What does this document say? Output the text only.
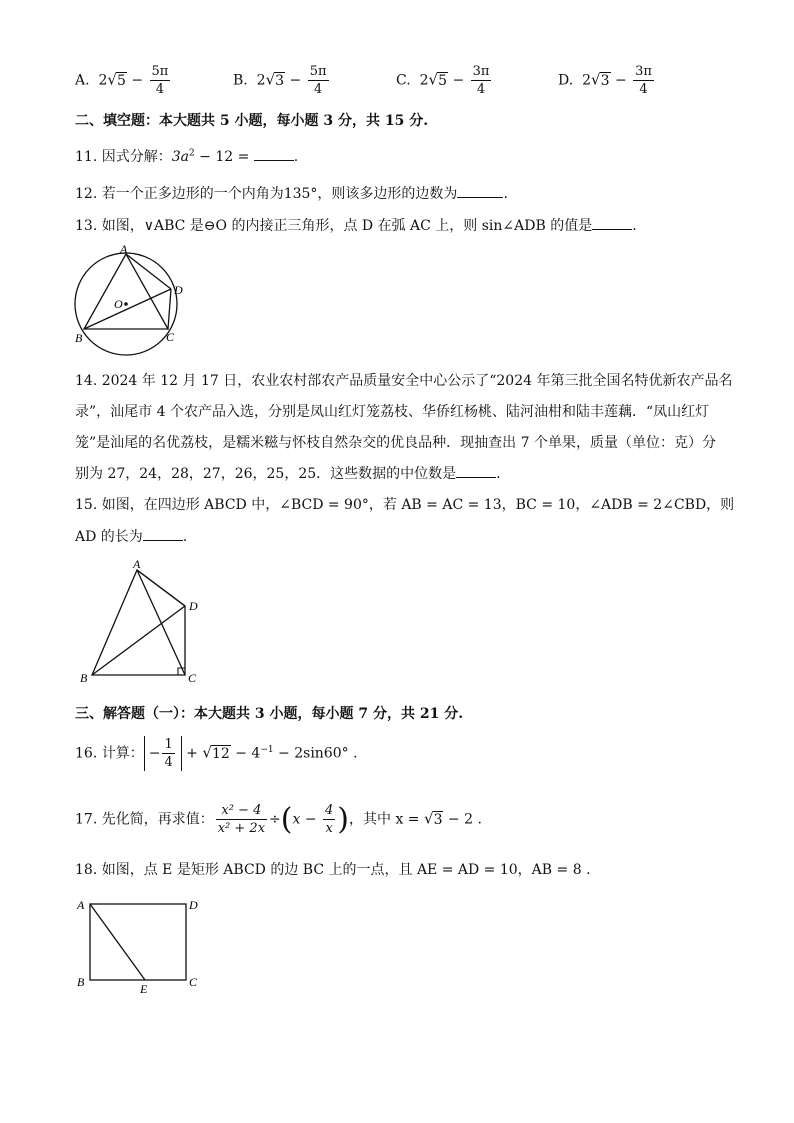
A. $2√5 - \frac{5\pi}{4}$	B. $2√3 - \frac{5\pi}{4}$	C. $2√5 - \frac{3\pi}{4}$	D. $2√3 - \frac{3\pi}{4}$
二、填空题：本大题共 5 小题，每小题 3 分，共 15 分.
11. 因式分解：$3a^2 - 12$ =	.
12. 若一个正多边形的一个内角为135°，则该多边形的边数为	.
13. 如图，∨ABC 是⊖O 的内接正三角形，点 D 在弧 AC 上，则 sin∠ADB 的值是	.
A
B	C
D
O
14. 2024 年 12 月 17 日，农业农村部农产品质量安全中心公示了“2024 年第三批全国名特优新农产品名
录”，汕尾市 4 个农产品入选，分别是凤山红灯笼荔枝、华侨红杨桃、陆河油柑和陆丰莲藕．“凤山红灯
笼”是汕尾的名优荔枝，是糯米糍与怀枝自然杂交的优良品种．现抽查出 7 个单果，质量（单位：克）分
别为 27，24，28，27，26，25，25．这些数据的中位数是	.
15. 如图，在四边形 ABCD 中，∠BCD = 90°，若 AB = AC = 13，BC = 10，∠ADB = 2∠CBD，则
AD 的长为	.
A
B	C
D
三、解答题（一）：本大题共 3 小题，每小题 7 分，共 21 分.
16. 计算： − $\frac{1}{4} + √12 - 4^{-1} - 2\sin 60^\circ$ .
17. 先化简，再求值： $\frac{\text{x² − 4}}{\text{x² + 2x}} \div(x - \frac{4}{x}$ )，其中 x = √3 − 2 .
18. 如图，点 E 是矩形 ABCD 的边 BC 上的一点，且 AE = AD = 10，AB = 8 .
A
B	C
D
E
